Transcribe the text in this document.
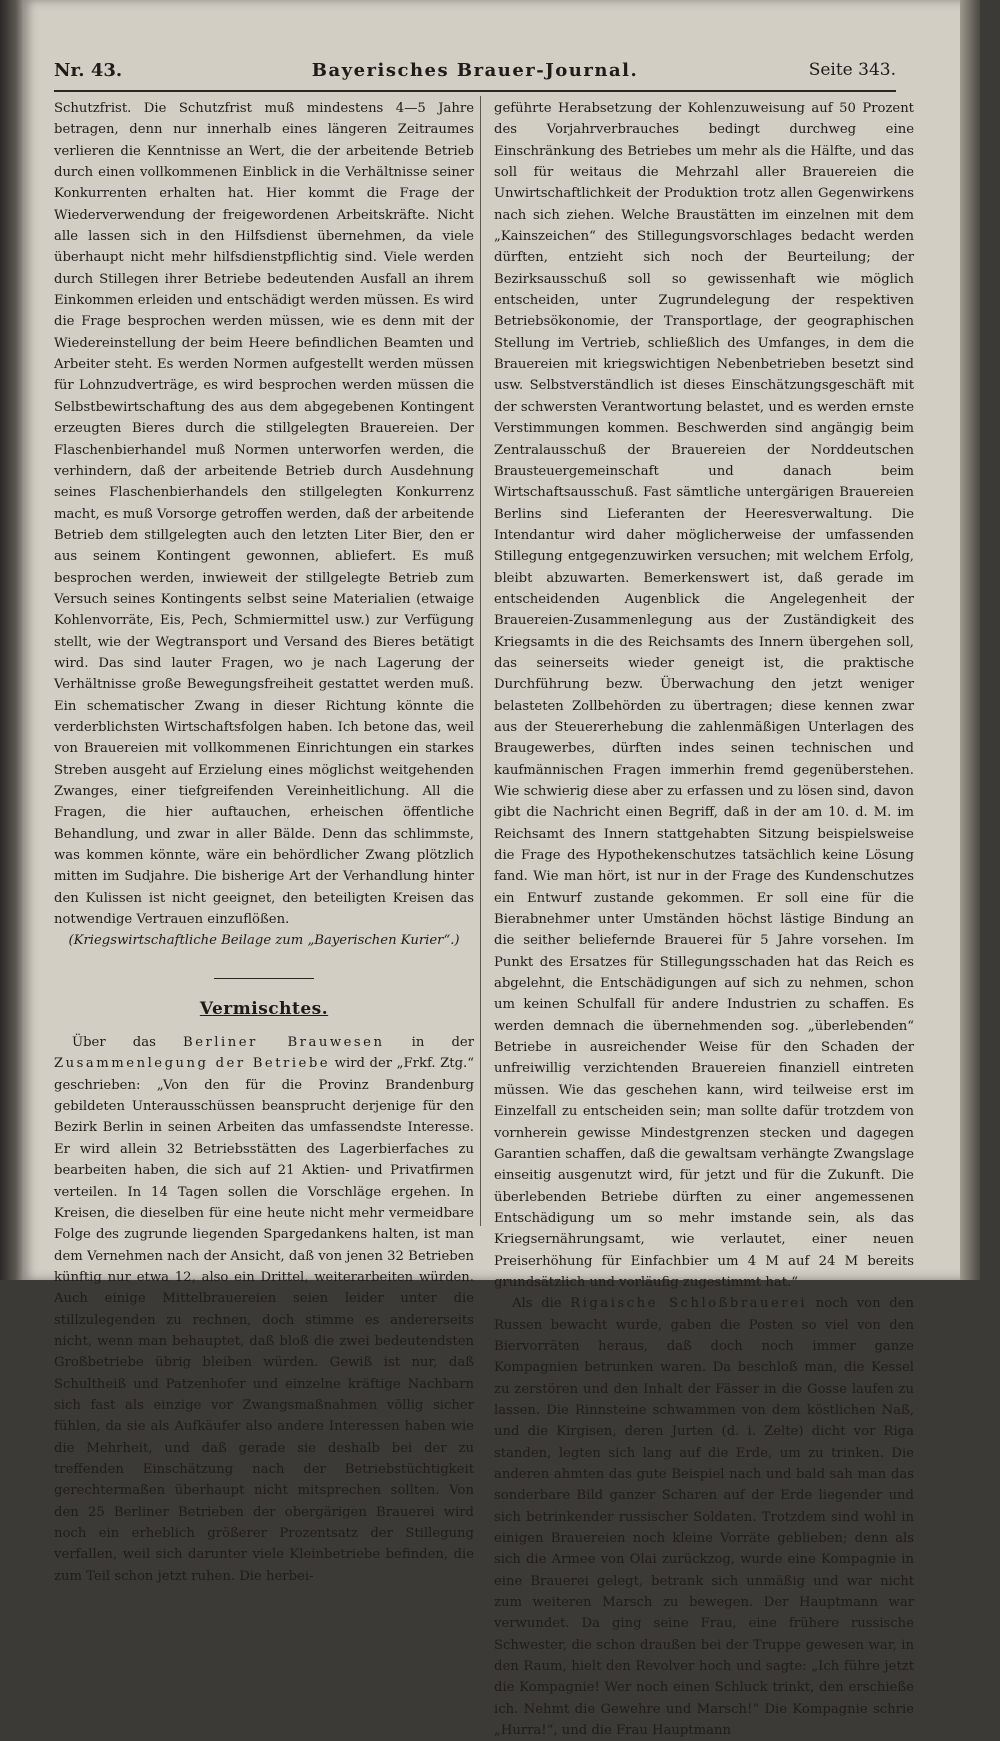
Bayerisches Brauer-Journal.
Nr. 43.	Seite 343.

Schutzfrist. Die Schutzfrist muß mindestens 4—5 Jahre betragen, denn nur innerhalb eines längeren Zeitraumes verlieren die Kenntnisse an Wert, die der arbeitende Betrieb durch einen vollkommenen Einblick in die Verhältnisse seiner Konkurrenten erhalten hat. Hier kommt die Frage der Wiederverwendung der freigewordenen Arbeitskräfte. Nicht alle lassen sich in den Hilfsdienst übernehmen, da viele überhaupt nicht mehr hilfsdienstpflichtig sind. Viele werden durch Stillegen ihrer Betriebe bedeutenden Ausfall an ihrem Einkommen erleiden und entschädigt werden müssen. Es wird die Frage besprochen werden müssen, wie es denn mit der Wiedereinstellung der beim Heere befindlichen Beamten und Arbeiter steht. Es werden Normen aufgestellt werden müssen für Lohnzudverträge, es wird besprochen werden müssen die Selbstbewirtschaftung des aus dem abgegebenen Kontingent erzeugten Bieres durch die stillgelegten Brauereien. Der Flaschenbierhandel muß Normen unterworfen werden, die verhindern, daß der arbeitende Betrieb durch Ausdehnung seines Flaschenbierhandels den stillgelegten Konkurrenz macht, es muß Vorsorge getroffen werden, daß der arbeitende Betrieb dem stillgelegten auch den letzten Liter Bier, den er aus seinem Kontingent gewonnen, abliefert. Es muß besprochen werden, inwieweit der stillgelegte Betrieb zum Versuch seines Kontingents selbst seine Materialien (etwaige Kohlenvorräte, Eis, Pech, Schmiermittel usw.) zur Verfügung stellt, wie der Wegtransport und Versand des Bieres betätigt wird. Das sind lauter Fragen, wo je nach Lagerung der Verhältnisse große Bewegungsfreiheit gestattet werden muß. Ein schematischer Zwang in dieser Richtung könnte die verderblichsten Wirtschaftsfolgen haben. Ich betone das, weil von Brauereien mit vollkommenen Einrichtungen ein starkes Streben ausgeht auf Erzielung eines möglichst weitgehenden Zwanges, einer tiefgreifenden Vereinheitlichung. All die Fragen, die hier auftauchen, erheischen öffentliche Behandlung, und zwar in aller Bälde. Denn das schlimmste, was kommen könnte, wäre ein behördlicher Zwang plötzlich mitten im Sudjahre. Die bisherige Art der Verhandlung hinter den Kulissen ist nicht geeignet, den beteiligten Kreisen das notwendige Vertrauen einzuflößen.

(Kriegswirtschaftliche Beilage zum „Bayerischen Kurier“.)

Vermischtes.

Über das Berliner Brauwesen in der Zusammenlegung der Betriebe wird der „Frkf. Ztg.“ geschrieben: „Von den für die Provinz Brandenburg gebildeten Unterausschüssen beansprucht derjenige für den Bezirk Berlin in seinen Arbeiten das umfassendste Interesse. Er wird allein 32 Betriebsstätten des Lagerbierfaches zu bearbeiten haben, die sich auf 21 Aktien- und Privatfirmen verteilen. In 14 Tagen sollen die Vorschläge ergehen. In Kreisen, die dieselben für eine heute nicht mehr vermeidbare Folge des zugrunde liegenden Spargedankens halten, ist man dem Vernehmen nach der Ansicht, daß von jenen 32 Betrieben künftig nur etwa 12, also ein Drittel, weiterarbeiten würden. Auch einige Mittelbrauereien seien leider unter die stillzulegenden zu rechnen, doch stimme es andererseits nicht, wenn man behauptet, daß bloß die zwei bedeutendsten Großbetriebe übrig bleiben würden. Gewiß ist nur, daß Schultheiß und Patzenhofer und einzelne kräftige Nachbarn sich fast als einzige vor Zwangsmaßnahmen völlig sicher fühlen, da sie als Aufkäufer also andere Interessen haben wie die Mehrheit, und daß gerade sie deshalb bei der zu treffenden Einschätzung nach der Betriebstüchtigkeit gerechtermaßen überhaupt nicht mitsprechen sollten. Von den 25 Berliner Betrieben der obergärigen Brauerei wird noch ein erheblich größerer Prozentsatz der Stillegung verfallen, weil sich darunter viele Kleinbetriebe befinden, die zum Teil schon jetzt ruhen. Die herbei-

geführte Herabsetzung der Kohlenzuweisung auf 50 Prozent des Vorjahrverbrauches bedingt durchweg eine Einschränkung des Betriebes um mehr als die Hälfte, und das soll für weitaus die Mehrzahl aller Brauereien die Unwirtschaftlichkeit der Produktion trotz allen Gegenwirkens nach sich ziehen. Welche Braustätten im einzelnen mit dem „Kainszeichen“ des Stillegungsvorschlages bedacht werden dürften, entzieht sich noch der Beurteilung; der Bezirksausschuß soll so gewissenhaft wie möglich entscheiden, unter Zugrundelegung der respektiven Betriebsökonomie, der Transportlage, der geographischen Stellung im Vertrieb, schließlich des Umfanges, in dem die Brauereien mit kriegswichtigen Nebenbetrieben besetzt sind usw. Selbstverständlich ist dieses Einschätzungsgeschäft mit der schwersten Verantwortung belastet, und es werden ernste Verstimmungen kommen. Beschwerden sind angängig beim Zentralausschuß der Brauereien der Norddeutschen Brausteuergemeinschaft und danach beim Wirtschaftsausschuß. Fast sämtliche untergärigen Brauereien Berlins sind Lieferanten der Heeresverwaltung. Die Intendantur wird daher möglicherweise der umfassenden Stillegung entgegenzuwirken versuchen; mit welchem Erfolg, bleibt abzuwarten. Bemerkenswert ist, daß gerade im entscheidenden Augenblick die Angelegenheit der Brauereien-Zusammenlegung aus der Zuständigkeit des Kriegsamts in die des Reichsamts des Innern übergehen soll, das seinerseits wieder geneigt ist, die praktische Durchführung bezw. Überwachung den jetzt weniger belasteten Zollbehörden zu übertragen; diese kennen zwar aus der Steuererhebung die zahlenmäßigen Unterlagen des Braugewerbes, dürften indes seinen technischen und kaufmännischen Fragen immerhin fremd gegenüberstehen. Wie schwierig diese aber zu erfassen und zu lösen sind, davon gibt die Nachricht einen Begriff, daß in der am 10. d. M. im Reichsamt des Innern stattgehabten Sitzung beispielsweise die Frage des Hypothekenschutzes tatsächlich keine Lösung fand. Wie man hört, ist nur in der Frage des Kundenschutzes ein Entwurf zustande gekommen. Er soll eine für die Bierabnehmer unter Umständen höchst lästige Bindung an die seither beliefernde Brauerei für 5 Jahre vorsehen. Im Punkt des Ersatzes für Stillegungsschaden hat das Reich es abgelehnt, die Entschädigungen auf sich zu nehmen, schon um keinen Schulfall für andere Industrien zu schaffen. Es werden demnach die übernehmenden sog. „überlebenden“ Betriebe in ausreichender Weise für den Schaden der unfreiwillig verzichtenden Brauereien finanziell eintreten müssen. Wie das geschehen kann, wird teilweise erst im Einzelfall zu entscheiden sein; man sollte dafür trotzdem von vornherein gewisse Mindestgrenzen stecken und dagegen Garantien schaffen, daß die gewaltsam verhängte Zwangslage einseitig ausgenutzt wird, für jetzt und für die Zukunft. Die überlebenden Betriebe dürften zu einer angemessenen Entschädigung um so mehr imstande sein, als das Kriegsernährungsamt, wie verlautet, einer neuen Preiserhöhung für Einfachbier um 4 M auf 24 M bereits grundsätzlich und vorläufig zugestimmt hat.“

Als die Rigaische Schloßbrauerei noch von den Russen bewacht wurde, gaben die Posten so viel von den Biervorräten heraus, daß doch noch immer ganze Kompagnien betrunken waren. Da beschloß man, die Kessel zu zerstören und den Inhalt der Fässer in die Gosse laufen zu lassen. Die Rinnsteine schwammen von dem köstlichen Naß, und die Kirgisen, deren Jurten (d. i. Zelte) dicht vor Riga standen, legten sich lang auf die Erde, um zu trinken. Die anderen ahmten das gute Beispiel nach und bald sah man das sonderbare Bild ganzer Scharen auf der Erde liegender und sich betrinkender russischer Soldaten. Trotzdem sind wohl in einigen Brauereien noch kleine Vorräte geblieben; denn als sich die Armee von Olai zurückzog, wurde eine Kompagnie in eine Brauerei gelegt, betrank sich unmäßig und war nicht zum weiteren Marsch zu bewegen. Der Hauptmann war verwundet. Da ging seine Frau, eine frühere russische Schwester, die schon draußen bei der Truppe gewesen war, in den Raum, hielt den Revolver hoch und sagte: „Ich führe jetzt die Kompagnie! Wer noch einen Schluck trinkt, den erschieße ich. Nehmt die Gewehre und Marsch!“ Die Kompagnie schrie „Hurra!“, und die Frau Hauptmann
